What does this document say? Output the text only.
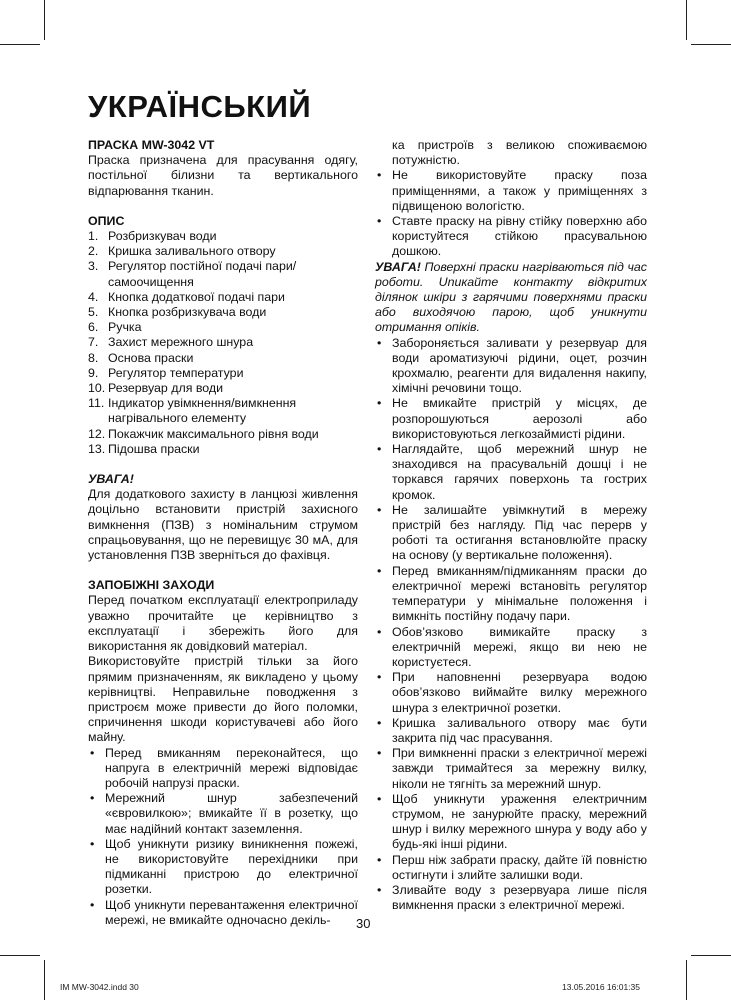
УКРАЇНСЬКИЙ
ПРАСКА MW-3042 VT

Праска призначена для прасування одягу, постільної білизни та вертикального відпарювання тканин.

ОПИС
1. Розбризкувач води
2. Кришка заливального отвору
3. Регулятор постійної подачі пари/ самоочищення
4. Кнопка додаткової подачі пари
5. Кнопка розбризкувача води
6. Ручка
7. Захист мережного шнура
8. Основа праски
9. Регулятор температури
10. Резервуар для води
11. Індикатор увімкнення/вимкнення нагрівального елементу
12. Покажчик максимального рівня води
13. Підошва праски

УВАГА!

Для додаткового захисту в ланцюзі живлення доцільно встановити пристрій захисного вимкнення (ПЗВ) з номінальним струмом спрацьовування, що не перевищує 30 мА, для установлення ПЗВ зверніться до фахівця.

ЗАПОБІЖНІ ЗАХОДИ

Перед початком експлуатації електроприладу уважно прочитайте це керівництво з експлуатації і збережіть його для використання як довідковий матеріал.

Використовуйте пристрій тільки за його прямим призначенням, як викладено у цьому керівництві. Неправильне поводження з пристроєм може привести до його поломки, спричинення шкоди користувачеві або його майну.

• Перед вмиканням переконайтеся, що напруга в електричній мережі відповідає робочій напрузі праски.
• Мережний шнур забезпечений «євровилкою»; вмикайте її в розетку, що має надійний контакт заземлення.
• Щоб уникнути ризику виникнення пожежі, не використовуйте перехідники при підмиканні пристрою до електричної розетки.
• Щоб уникнути перевантаження електричної мережі, не вмикайте одночасно декіль-

ка пристроїв з великою споживаємою потужністю.

• Не використовуйте праску поза приміщеннями, а також у приміщеннях з підвищеною вологістю.
• Ставте праску на рівну стійку поверхню або користуйтеся стійкою прасувальною дошкою.

УВАГА! Поверхні праски нагріваються під час роботи. Unикайте контакту відкритих ділянок шкіри з гарячими поверхнями праски або виходячою парою, щоб уникнути отримання опіків.

• Забороняється заливати у резервуар для води ароматизуючі рідини, оцет, розчин крохмалю, реагенти для видалення накипу, хімічні речовини тощо.
• Не вмикайте пристрій у місцях, де розпорошуються аерозолі або використовуються легкозаймисті рідини.
• Наглядайте, щоб мережний шнур не знаходився на прасувальній дошці і не торкався гарячих поверхонь та гострих кромок.
• Не залишайте увімкнутий в мережу пристрій без нагляду. Під час перерв у роботі та остигання встановлюйте праску на основу (у вертикальне положення).
• Перед вмиканням/підмиканням праски до електричної мережі встановіть регулятор температури у мінімальне положення і вимкніть постійну подачу пари.
• Обов’язково вимикайте праску з електричній мережі, якщо ви нею не користуєтеся.
• При наповненні резервуара водою обов’язково виймайте вилку мережного шнура з електричної розетки.
• Кришка заливального отвору має бути закрита під час прасування.
• При вимкненні праски з електричної мережі завжди тримайтеся за мережну вилку, ніколи не тягніть за мережний шнур.
• Щоб уникнути ураження електричним струмом, не занурюйте праску, мережний шнур і вилку мережного шнура у воду або у будь-які інші рідини.
• Перш ніж забрати праску, дайте їй повністю остигнути і злийте залишки води.
• Зливайте воду з резервуара лише після вимкнення праски з електричної мережі.
30
IM MW-3042.indd 30	13.05.2016 16:01:35
